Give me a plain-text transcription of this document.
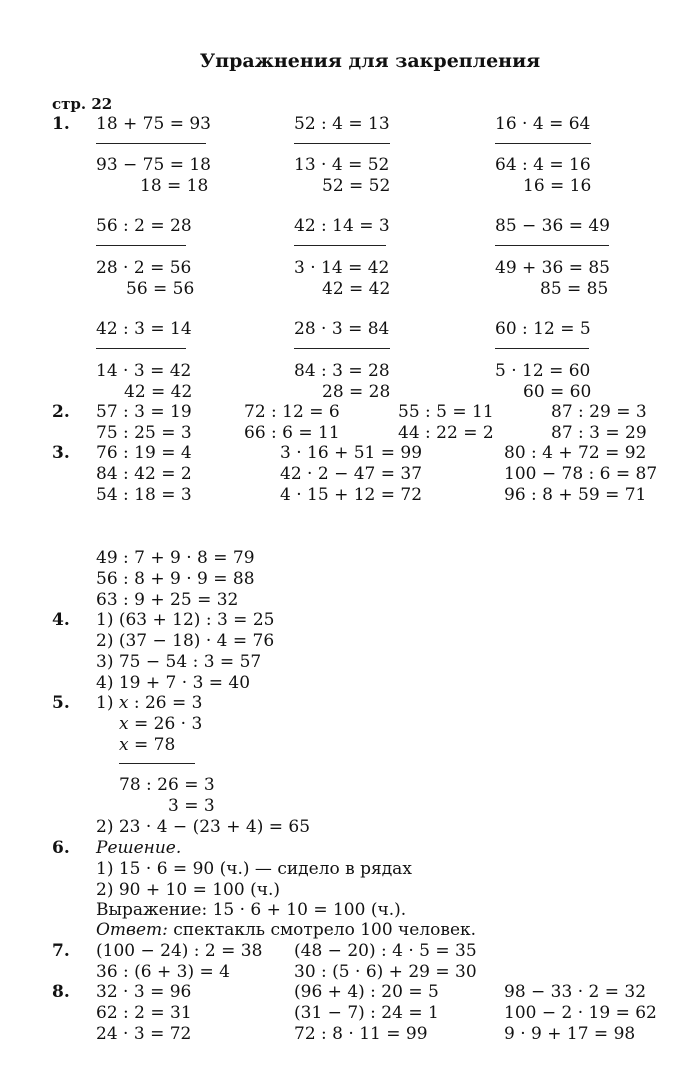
Упражнения для закрепления
стр. 22
1. 18 + 75 = 93
93 − 75 = 18
18 = 18
52 : 4 = 13
13 · 4 = 52
52 = 52
16 · 4 = 64
64 : 4 = 16
16 = 16
56 : 2 = 28
28 · 2 = 56
56 = 56
42 : 14 = 3
3 · 14 = 42
42 = 42
85 − 36 = 49
49 + 36 = 85
85 = 85
42 : 3 = 14
14 · 3 = 42
42 = 42
28 · 3 = 84
84 : 3 = 28
28 = 28
60 : 12 = 5
5 · 12 = 60
60 = 60
2. 57 : 3 = 19	72 : 12 = 6	55 : 5 = 11	87 : 29 = 3
75 : 25 = 3	66 : 6 = 11	44 : 22 = 2	87 : 3 = 29
3. 76 : 19 = 4	3 · 16 + 51 = 99	80 : 4 + 72 = 92
84 : 42 = 2	42 · 2 − 47 = 37	100 − 78 : 6 = 87
54 : 18 = 3	4 · 15 + 12 = 72	96 : 8 + 59 = 71
49 : 7 + 9 · 8 = 79
56 : 8 + 9 · 9 = 88
63 : 9 + 25 = 32
4. 1) (63 + 12) : 3 = 25
2) (37 − 18) · 4 = 76
3) 75 − 54 : 3 = 57
4) 19 + 7 · 3 = 40
5. 1) x : 26 = 3
x = 26 · 3
x = 78
78 : 26 = 3
3 = 3
2) 23 · 4 − (23 + 4) = 65
6. Решение.
1) 15 · 6 = 90 (ч.) — сидело в рядах
2) 90 + 10 = 100 (ч.)
Выражение: 15 · 6 + 10 = 100 (ч.).
Ответ: спектакль смотрело 100 человек.
7. (100 − 24) : 2 = 38 (48 − 20) : 4 · 5 = 35
36 : (6 + 3) = 4	30 : (5 · 6) + 29 = 30
8. 32 · 3 = 96	(96 + 4) : 20 = 5	98 − 33 · 2 = 32
62 : 2 = 31	(31 − 7) : 24 = 1	100 − 2 · 19 = 62
24 · 3 = 72	72 : 8 · 11 = 99	9 · 9 + 17 = 98
